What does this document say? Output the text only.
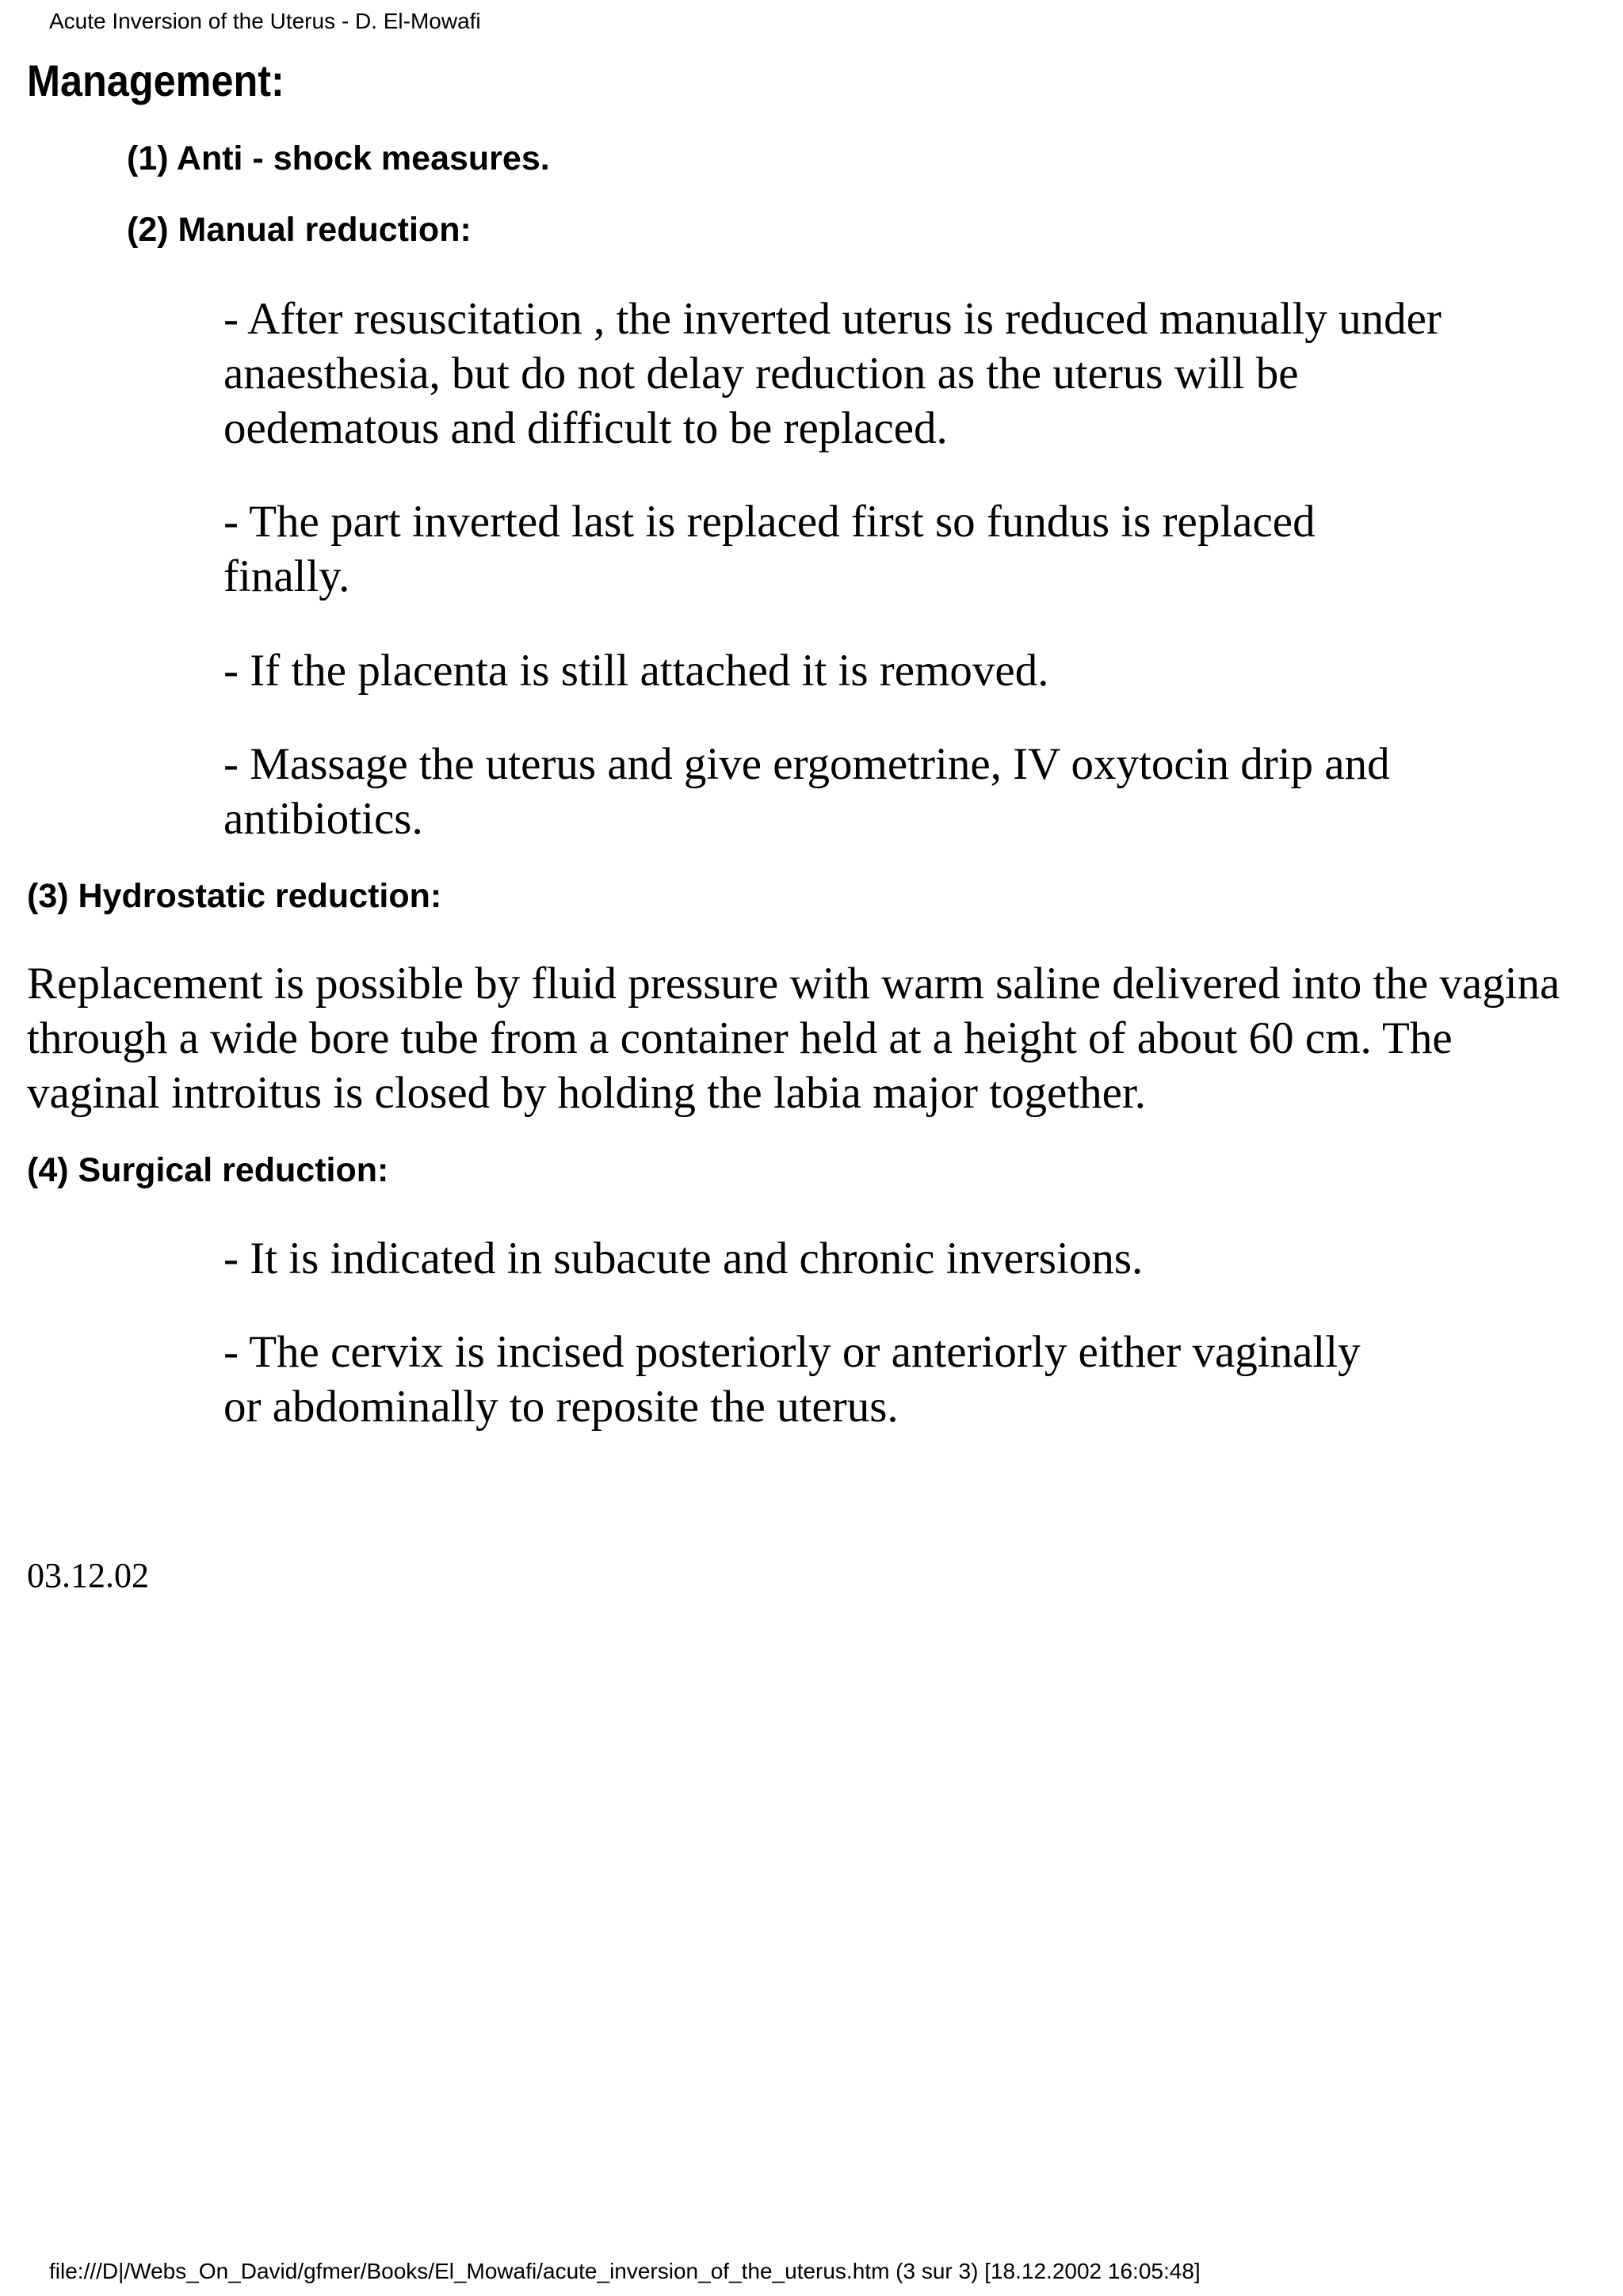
Acute Inversion of the Uterus - D. El-Mowafi
Management:
(1) Anti - shock measures.
(2) Manual reduction:

- After resuscitation , the inverted uterus is reduced manually under anaesthesia, but do not delay reduction as the uterus will be oedematous and difficult to be replaced.

- The part inverted last is replaced first so fundus is replaced finally.

- If the placenta is still attached it is removed.

- Massage the uterus and give ergometrine, IV oxytocin drip and antibiotics.

(3) Hydrostatic reduction:

Replacement is possible by fluid pressure with warm saline delivered into the vagina through a wide bore tube from a container held at a height of about 60 cm. The vaginal introitus is closed by holding the labia major together.

(4) Surgical reduction:

- It is indicated in subacute and chronic inversions.

- The cervix is incised posteriorly or anteriorly either vaginally or abdominally to reposite the uterus.

03.12.02
file:///D|/Webs_On_David/gfmer/Books/El_Mowafi/acute_inversion_of_the_uterus.htm (3 sur 3) [18.12.2002 16:05:48]
